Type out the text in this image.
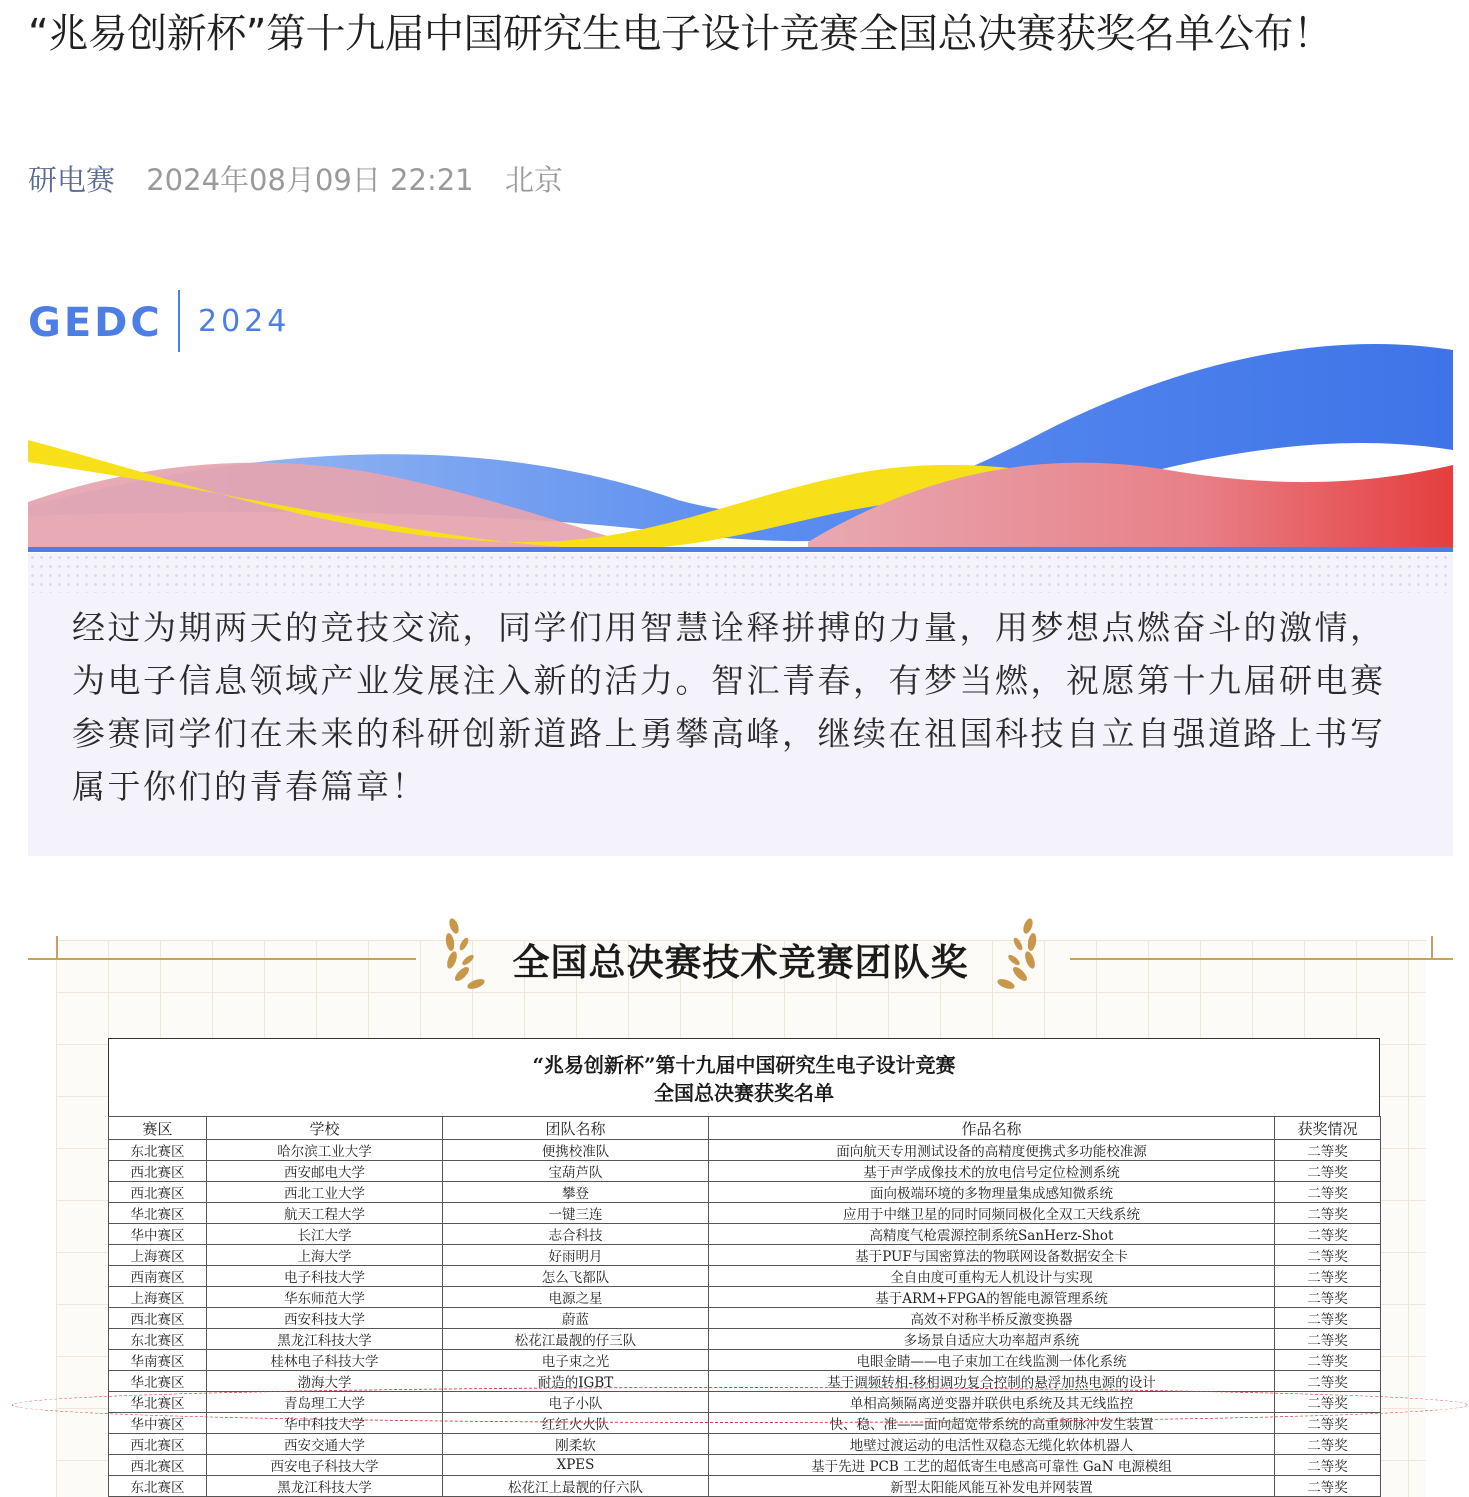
“兆易创新杯”第十九届中国研究生电子设计竞赛全国总决赛获奖名单公布！
研电赛 2024年08月09日 22:21 北京
GEDC 2024

经过为期两天的竞技交流，同学们用智慧诠释拼搏的力量，用梦想点燃奋斗的激情，为电子信息领域产业发展注入新的活力。智汇青春，有梦当燃，祝愿第十九届研电赛参赛同学们在未来的科研创新道路上勇攀高峰，继续在祖国科技自立自强道路上书写属于你们的青春篇章！

全国总决赛技术竞赛团队奖
“兆易创新杯”第十九届中国研究生电子设计竞赛
全国总决赛获奖名单
赛区	学校	团队名称	作品名称	获奖情况
东北赛区	哈尔滨工业大学	便携校准队	面向航天专用测试设备的高精度便携式多功能校准源	二等奖
西北赛区	西安邮电大学	宝葫芦队	基于声学成像技术的放电信号定位检测系统	二等奖
西北赛区	西北工业大学	攀登	面向极端环境的多物理量集成感知微系统	二等奖
华北赛区	航天工程大学	一键三连	应用于中继卫星的同时同频同极化全双工天线系统	二等奖
华中赛区	长江大学	志合科技	高精度气枪震源控制系统SanHerz-Shot	二等奖
上海赛区	上海大学	好雨明月	基于PUF与国密算法的物联网设备数据安全卡	二等奖
西南赛区	电子科技大学	怎么飞都队	全自由度可重构无人机设计与实现	二等奖
上海赛区	华东师范大学	电源之星	基于ARM+FPGA的智能电源管理系统	二等奖
西北赛区	西安科技大学	蔚蓝	高效不对称半桥反激变换器	二等奖
东北赛区	黑龙江科技大学	松花江最靓的仔三队	多场景自适应大功率超声系统	二等奖
华南赛区	桂林电子科技大学	电子束之光	电眼金睛——电子束加工在线监测一体化系统	二等奖
华北赛区	渤海大学	耐造的IGBT	基于调频转相-移相调功复合控制的悬浮加热电源的设计	二等奖
华北赛区	青岛理工大学	电子小队	单相高频隔离逆变器并联供电系统及其无线监控	二等奖
华中赛区	华中科技大学	红红火火队	快、稳、准——面向超宽带系统的高重频脉冲发生装置	二等奖
西北赛区	西安交通大学	刚柔软	地壁过渡运动的电活性双稳态无缆化软体机器人	二等奖
西北赛区	西安电子科技大学	XPES	基于先进 PCB 工艺的超低寄生电感高可靠性 GaN 电源模组	二等奖
东北赛区	黑龙江科技大学	松花江上最靓的仔六队	新型太阳能风能互补发电并网装置	二等奖
